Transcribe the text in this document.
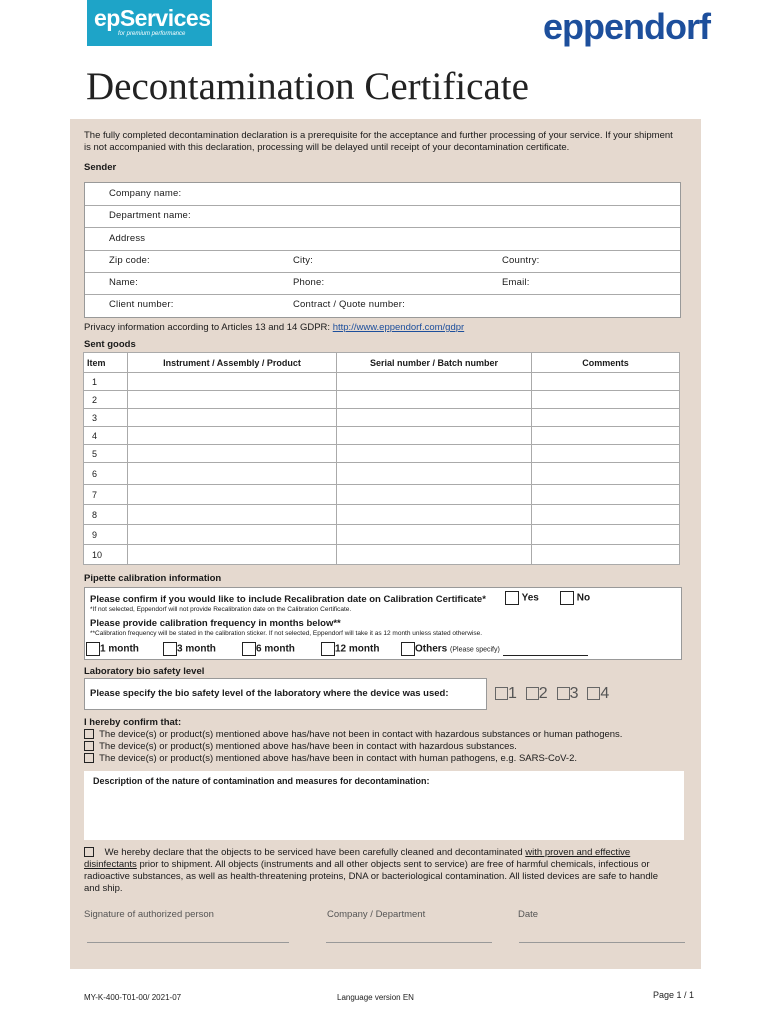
epServices
for premium performance	eppendorf
Decontamination Certificate
The fully completed decontamination declaration is a prerequisite for the acceptance and further processing of your service. If your shipment
is not accompanied with this declaration, processing will be delayed until receipt of your decontamination certificate.
Sender
Company name:
Department name:
Address
Zip code:	City:	Country:
Name:	Phone:	Email:
Client number:	Contract / Quote number:
Privacy information according to Articles 13 and 14 GDPR: http://www.eppendorf.com/gdpr
Sent goods
Item	Instrument / Assembly / Product	Serial number / Batch number	Comments
1			
2			
3			
4			
5			
6			
7			
8			
9			
10			
Pipette calibration information
Please confirm if you would like to include Recalibration date on Calibration Certificate*	Yes	No
*If not selected, Eppendorf will not provide Recalibration date on the Calibration Certificate.
Please provide calibration frequency in months below**
**Calibration frequency will be stated in the calibration sticker. If not selected, Eppendorf will take it as 12 month unless stated otherwise.
1 month	3 month	6 month	12 month	Others (Please specify)
Laboratory bio safety level
Please specify the bio safety level of the laboratory where the device was used:	1 2 3 4
I hereby confirm that:
The device(s) or product(s) mentioned above has/have not been in contact with hazardous substances or human pathogens.
The device(s) or product(s) mentioned above has/have been in contact with hazardous substances.
The device(s) or product(s) mentioned above has/have been in contact with human pathogens, e.g. SARS-CoV-2.
Description of the nature of contamination and measures for decontamination:
We hereby declare that the objects to be serviced have been carefully cleaned and decontaminated with proven and effective
disinfectants prior to shipment. All objects (instruments and all other objects sent to service) are free of harmful chemicals, infectious or
radioactive substances, as well as health-threatening proteins, DNA or bacteriological contamination. All listed devices are safe to handle
and ship.
Signature of authorized person	Company / Department	Date
MY-K-400-T01-00/ 2021-07	Language version EN	Page 1 / 1
